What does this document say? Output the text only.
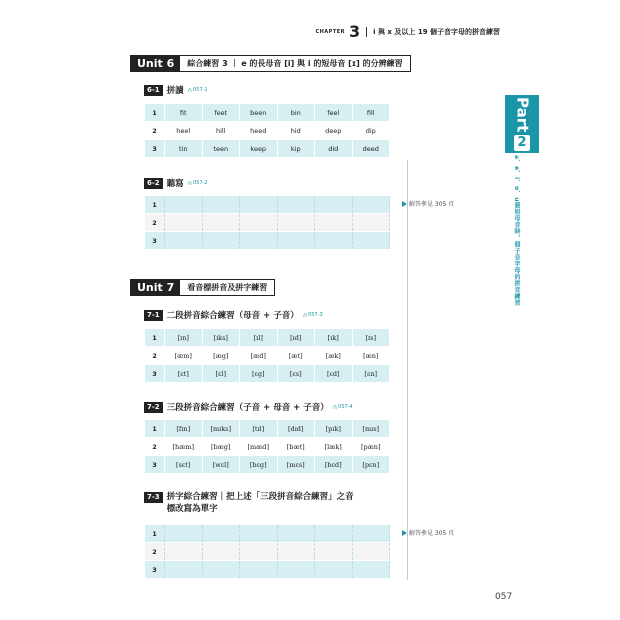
CHAPTER 3 i 與 x 及以上 19 個子音字母的拼音練習
Part
2
a、e、i、o、u發短母音時，個子音字母的拼音練習
Unit 6	綜合練習 3 ｜ e 的長母音 [i] 與 i 的短母音 [ɪ] 的分辨練習
6-1 拼讀 ∩ 057-1
1	fit	feet	been	bin	feel	fill
2	heel	hill	heed	hid	deep	dip
3	tin	teen	keep	kip	did	deed
6-2 聽寫 ∩ 057-2
1						
2						
3						
解答參見 305 頁
Unit 7	看音標拼音及拼字練習
7-1 二段拼音綜合練習（母音 + 子音） ∩ 057-3
1	[ɪn]	[ɪks]	[ɪl]	[ɪd]	[ɪk]	[ɪs]
2	[æm]	[æg]	[æd]	[æt]	[æk]	[æn]
3	[ɛt]	[ɛl]	[ɛg]	[ɛs]	[ɛd]	[ɛn]
7-2 三段拼音綜合練習（子音 + 母音 + 子音） ∩ 057-4
1	[fɪn]	[mɪks]	[tɪl]	[dɪd]	[pɪk]	[mɪs]
2	[hæm]	[bæg]	[mæd]	[bæt]	[læk]	[pæn]
3	[sɛt]	[wɛl]	[bɛg]	[mɛs]	[bɛd]	[pɛn]
7-3 拼字綜合練習｜把上述「三段拼音綜合練習」之音
標改寫為單字
1						
2						
3						
解答參見 305 頁
057
